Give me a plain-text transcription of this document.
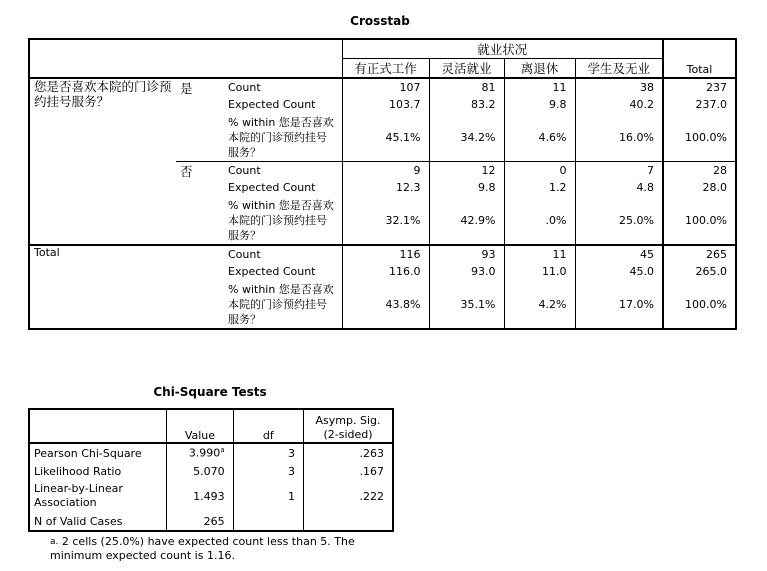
Crosstab
			就业状况				Total
			有正式工作	灵活就业	离退休	学生及无业	
您是否喜欢本院的门诊预约挂号服务？	是	Count	107	81	11	38	237
		Expected Count	103.7	83.2	9.8	40.2	237.0
		% within 您是否喜欢本院的门诊预约挂号服务？	45.1%	34.2%	4.6%	16.0%	100.0%
	否	Count	9	12	0	7	28
		Expected Count	12.3	9.8	1.2	4.8	28.0
		% within 您是否喜欢本院的门诊预约挂号服务？	32.1%	42.9%	.0%	25.0%	100.0%
Total		Count	116	93	11	45	265
		Expected Count	116.0	93.0	11.0	45.0	265.0
		% within 您是否喜欢本院的门诊预约挂号服务？	43.8%	35.1%	4.2%	17.0%	100.0%
Chi-Square Tests
	Value	df	Asymp. Sig. (2-sided)
Pearson Chi-Square	3.990$^a$	3	.263
Likelihood Ratio	5.070	3	.167
Linear-by-Linear Association	1.493	1	.222
N of Valid Cases	265		
$^{a.}$ 2 cells (25.0%) have expected count less than 5. The minimum expected count is 1.16.
